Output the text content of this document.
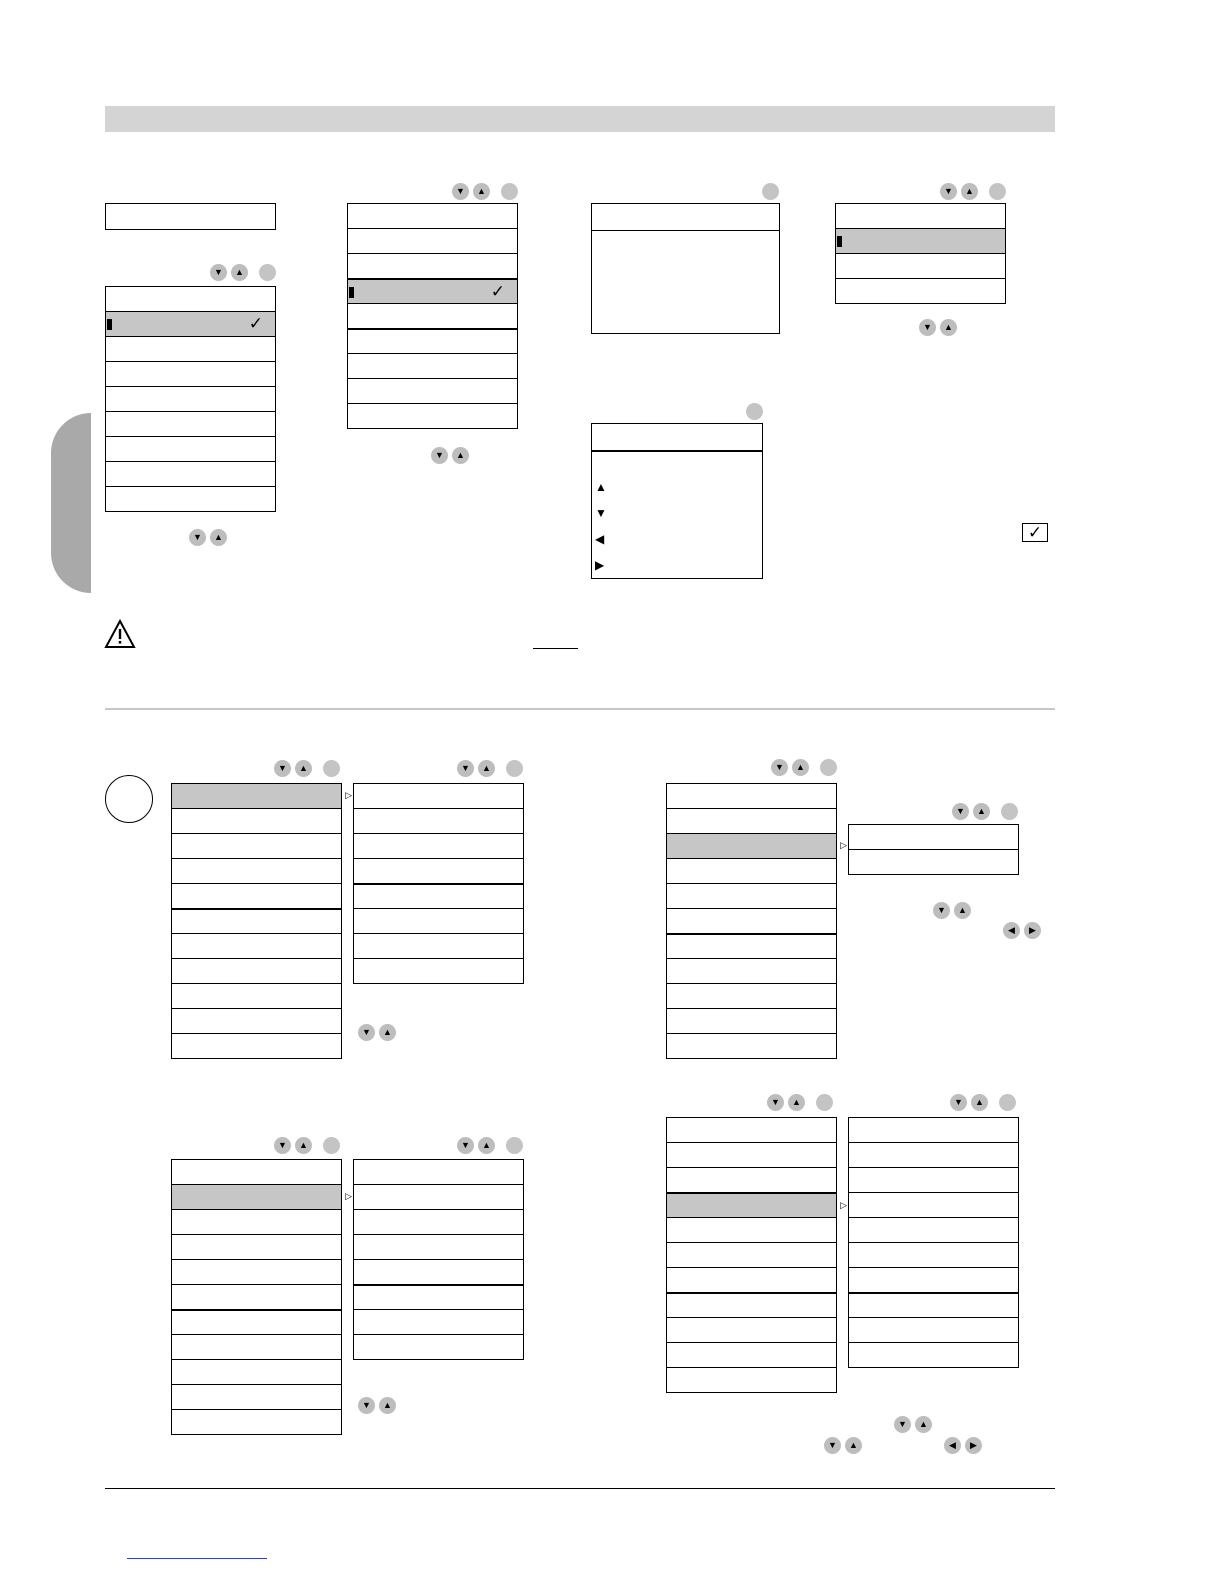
✓
▲
▼
◀
▶
✓
✓
▷
▷
▷
▷
▼	▲
▼	▲	▼	▲
▼	▲
▼	▲
▼	▲
▼	▲	▼	▲
▼	▲
▼	▲	▼	▲
▼	▲
▼	▲
▼	▲
▼	▲
◀	▶
▼	▲	▼	▲
▼	▲
▼	▲	◀	▶
